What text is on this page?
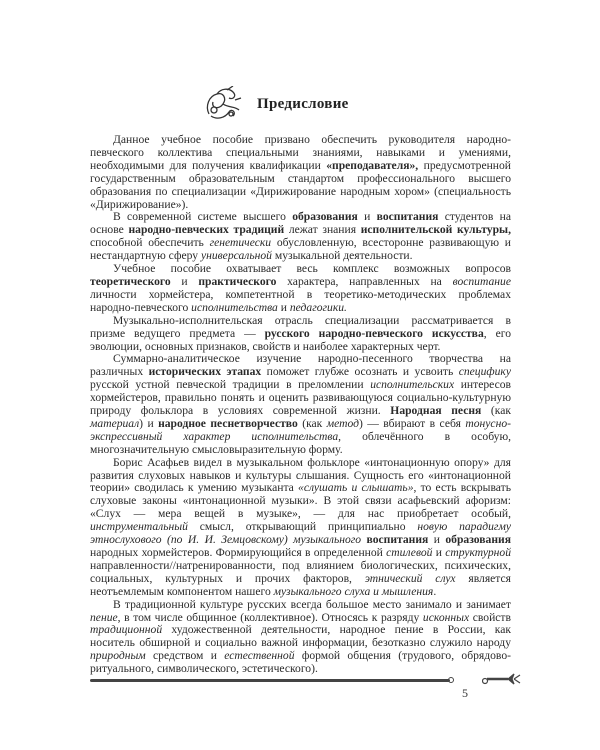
Предисловие

Данное учебное пособие призвано обеспечить руководителя народно-певческого коллектива специальными знаниями, навыками и умениями, необходимыми для получения квалификации «преподавателя», предусмотренной государственным образовательным стандартом профессионального высшего образования по специализации «Дирижирование народным хором» (специальность «Дирижирование»).

В современной системе высшего образования и воспитания студентов на основе народно-певческих традиций лежат знания исполнительской культуры, способной обеспечить генетически обусловленную, всесторонне развивающую и нестандартную сферу универсальной музыкальной деятельности.

Учебное пособие охватывает весь комплекс возможных вопросов теоретического и практического характера, направленных на воспитание личности хормейстера, компетентной в теоретико-методических проблемах народно-певческого исполнительства и педагогики.

Музыкально-исполнительская отрасль специализации рассматривается в призме ведущего предмета — русского народно-певческого искусства, его эволюции, основных признаков, свойств и наиболее характерных черт.

Суммарно-аналитическое изучение народно-песенного творчества на различных исторических этапах поможет глубже осознать и усвоить специфику русской устной певческой традиции в преломлении исполнительских интересов хормейстеров, правильно понять и оценить развивающуюся социально-культурную природу фольклора в условиях современной жизни. Народная песня (как материал) и народное песнетворчество (как метод) — вбирают в себя тонусно-экспрессивный характер исполнительства, облечённого в особую, многозначительную смысловыразительную форму.

Борис Асафьев видел в музыкальном фольклоре «интонационную опору» для развития слуховых навыков и культуры слышания. Сущность его «интонационной теории» сводилась к умению музыканта «слушать и слышать», то есть вскрывать слуховые законы «интонационной музыки». В этой связи асафьевский афоризм: «Слух — мера вещей в музыке», — для нас приобретает особый, инструментальный смысл, открывающий принципиально новую парадигму этнослухового (по И. И. Земцовскому) музыкального воспитания и образования народных хормейстеров. Формирующийся в определенной стилевой и структурной направленности//натренированности, под влиянием биологических, психических, социальных, культурных и прочих факторов, этнический слух является неотъемлемым компонентом нашего музыкального слуха и мышления.

В традиционной культуре русских всегда большое место занимало и занимает пение, в том числе общинное (коллективное). Относясь к разряду исконных свойств традиционной художественной деятельности, народное пение в России, как носитель обширной и социально важной информации, безотказно служило народу природным средством и естественной формой общения (трудового, обрядово-ритуального, символического, эстетического).

5
